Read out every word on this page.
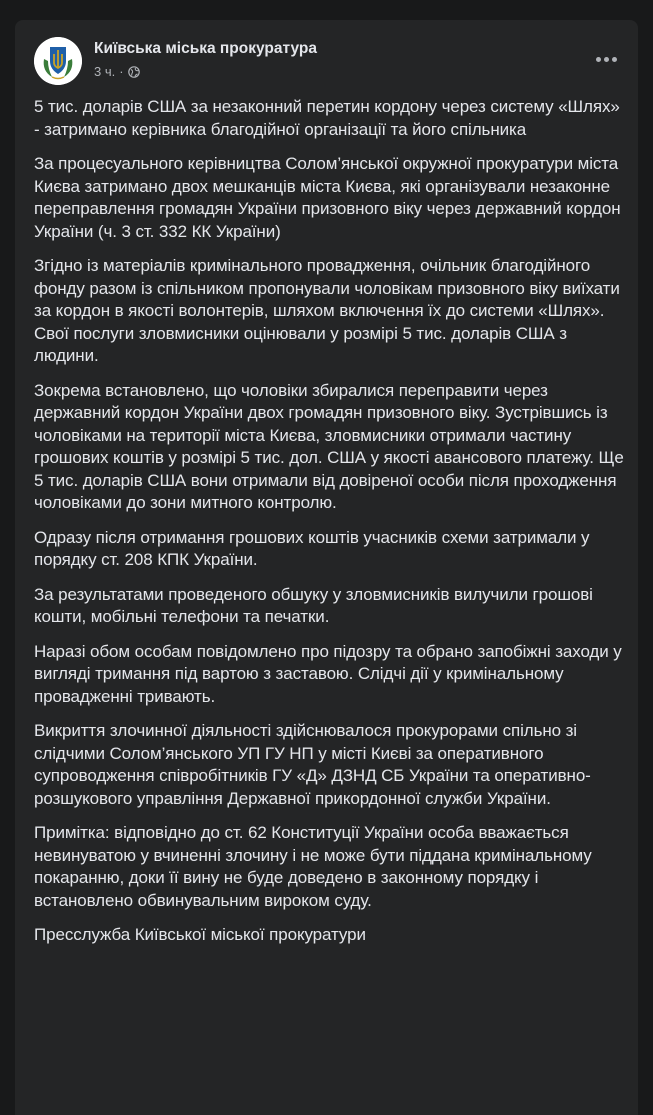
Київська міська прокуратура
3 ч. ·

5 тис. доларів США за незаконний перетин кордону через систему «Шлях» - затримано керівника благодійної організації та його спільника

За процесуального керівництва Солом’янської окружної прокуратури міста Києва затримано двох мешканців міста Києва, які організували незаконне переправлення громадян України призовного віку через державний кордон України (ч. 3 ст. 332 КК України)

Згідно із матеріалів кримінального провадження, очільник благодійного фонду разом із спільником пропонували чоловікам призовного віку виїхати за кордон в якості волонтерів, шляхом включення їх до системи «Шлях». Свої послуги зловмисники оцінювали у розмірі 5 тис. доларів США з людини.

Зокрема встановлено, що чоловіки збиралися переправити через державний кордон України двох громадян призовного віку. Зустрівшись із чоловіками на території міста Києва, зловмисники отримали частину грошових коштів у розмірі 5 тис. дол. США у якості авансового платежу. Ще 5 тис. доларів США вони отримали від довіреної особи після проходження чоловіками до зони митного контролю.

Одразу після отримання грошових коштів учасників схеми затримали у порядку ст. 208 КПК України.

За результатами проведеного обшуку у зловмисників вилучили грошові кошти, мобільні телефони та печатки.

Наразі обом особам повідомлено про підозру та обрано запобіжні заходи у вигляді тримання під вартою з заставою. Слідчі дії у кримінальному провадженні тривають.

Викриття злочинної діяльності здійснювалося прокурорами спільно зі слідчими Солом’янського УП ГУ НП у місті Києві за оперативного супроводження співробітників ГУ «Д» ДЗНД СБ України та оперативно-розшукового управління Державної прикордонної служби України.

Примітка: відповідно до ст. 62 Конституції України особа вважається невинуватою у вчиненні злочину і не може бути піддана кримінальному покаранню, доки її вину не буде доведено в законному порядку і встановлено обвинувальним вироком суду.

Пресслужба Київської міської прокуратури
